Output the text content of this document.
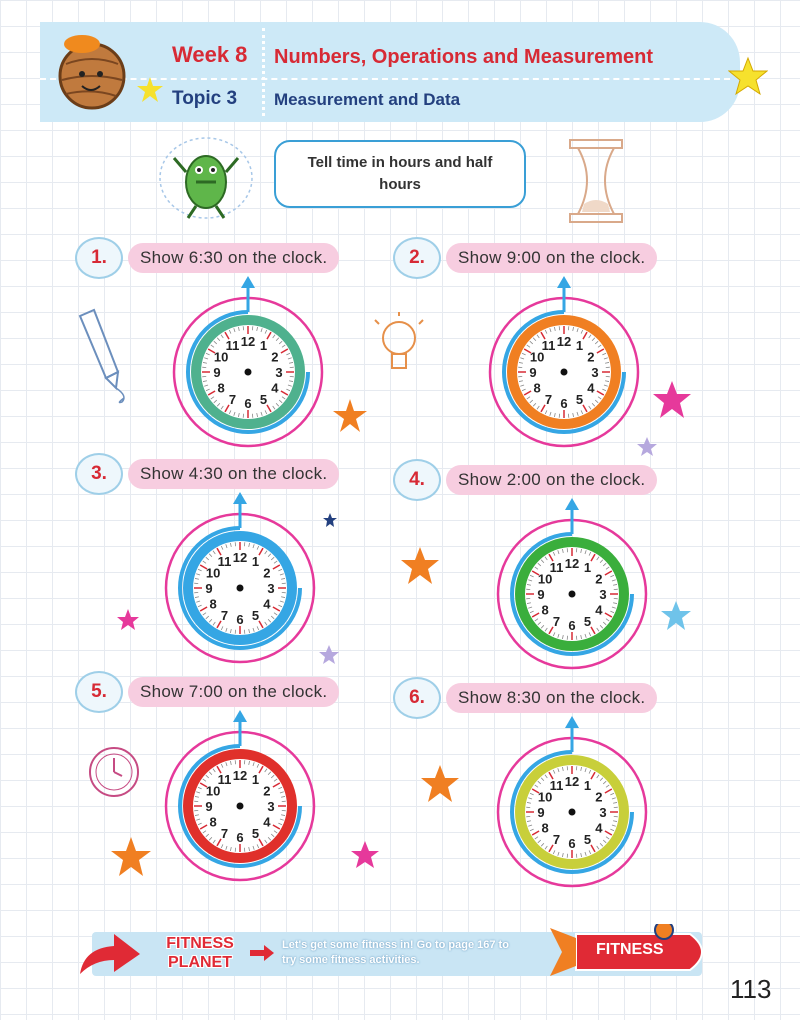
Week 8 Numbers, Operations and Measurement
Topic 3 Measurement and Data
Tell time in hours and half hours
1.	Show 6:30 on the clock.
12 1
2
3
4
5
6
7
8
9
10
11
2.	Show 9:00 on the clock.
12 1
2
3
4
5
6
7
8
9
10
11
3.	Show 4:30 on the clock.
12 1
2
3
4
5
6
7
8
9
10
11
4.	Show 2:00 on the clock.
12 1
2
3
4
5
6
7
8
9
10
11
5.	Show 7:00 on the clock.
12 1
2
3
4
5
6
7
8
9
10
11
6.	Show 8:30 on the clock.
12 1
2
3
4
5
6
7
8
9
10
11
FITNESS
PLANET
Let's get some fitness in! Go to page 167 to try some fitness activities.
FITNESS
113
